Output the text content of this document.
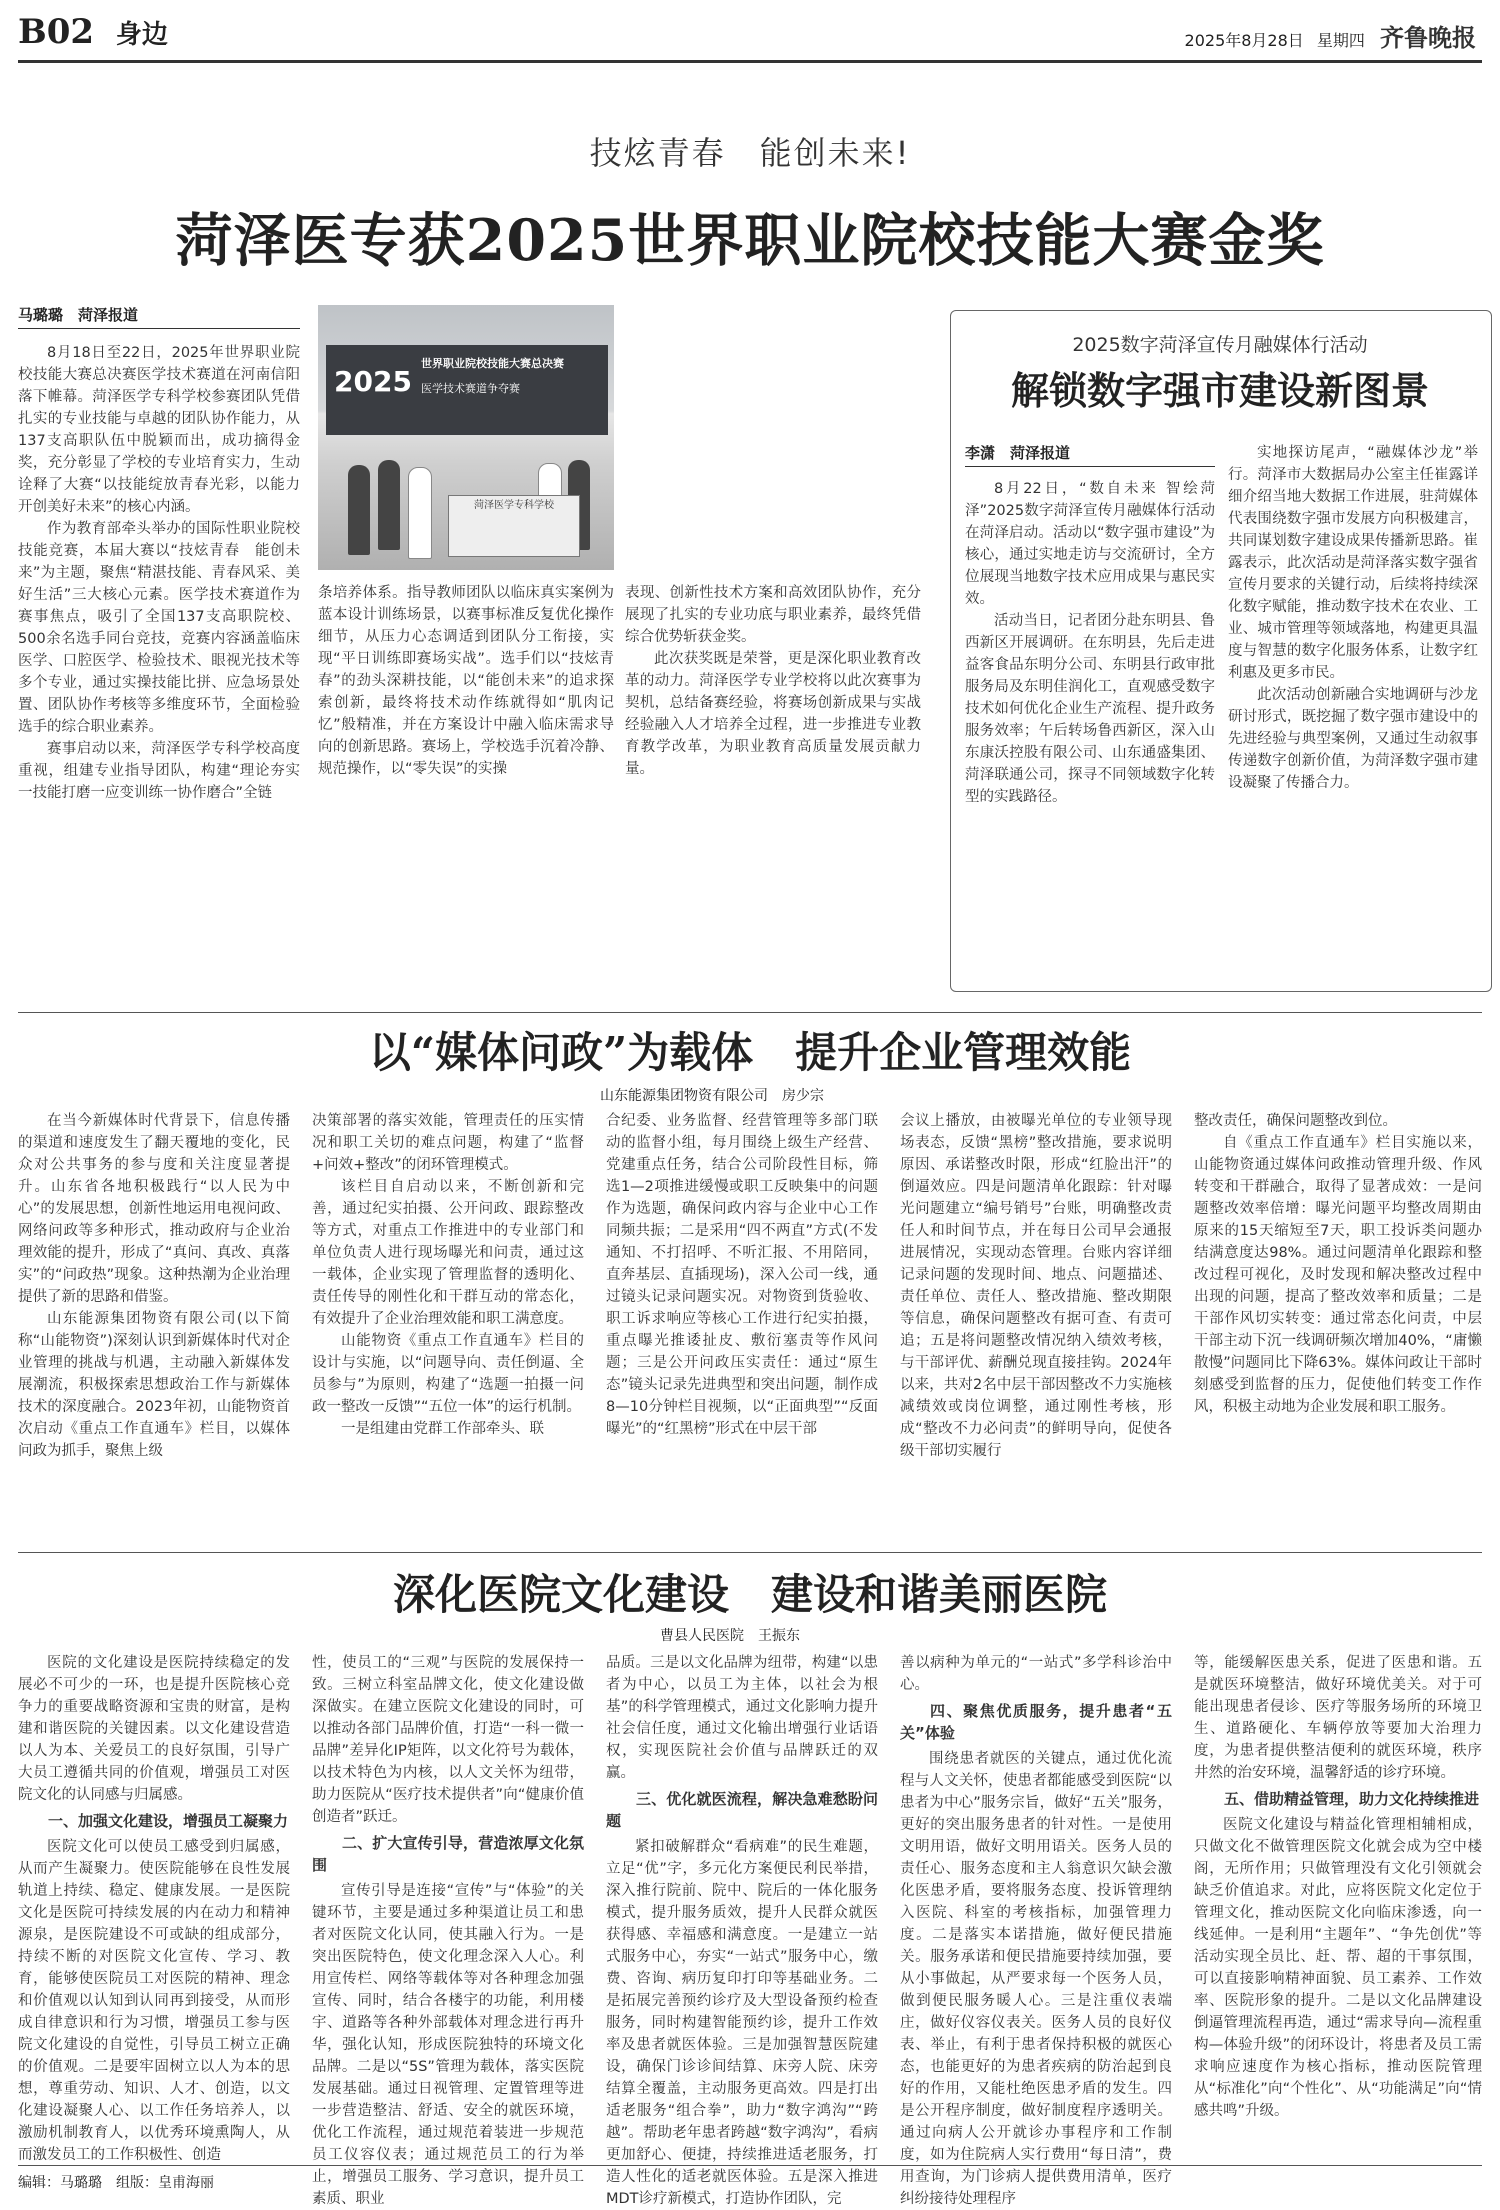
B02 身边	2025年8月28日 星期四 齐鲁晚报
技炫青春　能创未来!
菏泽医专获2025世界职业院校技能大赛金奖
马璐璐　菏泽报道

8月18日至22日，2025年世界职业院校技能大赛总决赛医学技术赛道在河南信阳落下帷幕。菏泽医学专科学校参赛团队凭借扎实的专业技能与卓越的团队协作能力，从137支高职队伍中脱颖而出，成功摘得金奖，充分彰显了学校的专业培育实力，生动诠释了大赛“以技能绽放青春光彩，以能力开创美好未来”的核心内涵。

作为教育部牵头举办的国际性职业院校技能竞赛，本届大赛以“技炫青春　能创未来”为主题，聚焦“精湛技能、青春风采、美好生活”三大核心元素。医学技术赛道作为赛事焦点，吸引了全国137支高职院校、500余名选手同台竞技，竞赛内容涵盖临床医学、口腔医学、检验技术、眼视光技术等多个专业，通过实操技能比拼、应急场景处置、团队协作考核等多维度环节，全面检验选手的综合职业素养。

赛事启动以来，菏泽医学专科学校高度重视，组建专业指导团队，构建“理论夯实一技能打磨一应变训练一协作磨合”全链

2025
世界职业院校技能大赛总决赛
医学技术赛道争夺赛
菏泽医学专科学校

条培养体系。指导教师团队以临床真实案例为蓝本设计训练场景，以赛事标准反复优化操作细节，从压力心态调适到团队分工衔接，实现“平日训练即赛场实战”。选手们以“技炫青春”的劲头深耕技能，以“能创未来”的追求探索创新，最终将技术动作练就得如“肌肉记忆”般精准，并在方案设计中融入临床需求导向的创新思路。赛场上，学校选手沉着冷静、规范操作，以“零失误”的实操

表现、创新性技术方案和高效团队协作，充分展现了扎实的专业功底与职业素养，最终凭借综合优势斩获金奖。

此次获奖既是荣誉，更是深化职业教育改革的动力。菏泽医学专业学校将以此次赛事为契机，总结备赛经验，将赛场创新成果与实战经验融入人才培养全过程，进一步推进专业教育教学改革，为职业教育高质量发展贡献力量。

2025数字菏泽宣传月融媒体行活动
解锁数字强市建设新图景
李潇　菏泽报道

8月22日，“数自未来 智绘菏泽”2025数字菏泽宣传月融媒体行活动在菏泽启动。活动以“数字强市建设”为核心，通过实地走访与交流研讨，全方位展现当地数字技术应用成果与惠民实效。

活动当日，记者团分赴东明县、鲁西新区开展调研。在东明县，先后走进益客食品东明分公司、东明县行政审批服务局及东明佳润化工，直观感受数字技术如何优化企业生产流程、提升政务服务效率；午后转场鲁西新区，深入山东康沃控股有限公司、山东通盛集团、菏泽联通公司，探寻不同领域数字化转型的实践路径。

实地探访尾声，“融媒体沙龙”举行。菏泽市大数据局办公室主任崔露详细介绍当地大数据工作进展，驻菏媒体代表围绕数字强市发展方向积极建言，共同谋划数字建设成果传播新思路。崔露表示，此次活动是菏泽落实数字强省宣传月要求的关键行动，后续将持续深化数字赋能，推动数字技术在农业、工业、城市管理等领域落地，构建更具温度与智慧的数字化服务体系，让数字红利惠及更多市民。

此次活动创新融合实地调研与沙龙研讨形式，既挖掘了数字强市建设中的先进经验与典型案例，又通过生动叙事传递数字创新价值，为菏泽数字强市建设凝聚了传播合力。

以“媒体问政”为载体　提升企业管理效能
山东能源集团物资有限公司　房少宗

在当今新媒体时代背景下，信息传播的渠道和速度发生了翻天覆地的变化，民众对公共事务的参与度和关注度显著提升。山东省各地积极践行“以人民为中心”的发展思想，创新性地运用电视问政、网络问政等多种形式，推动政府与企业治理效能的提升，形成了“真问、真改、真落实”的“问政热”现象。这种热潮为企业治理提供了新的思路和借鉴。

山东能源集团物资有限公司(以下简称“山能物资”)深刻认识到新媒体时代对企业管理的挑战与机遇，主动融入新媒体发展潮流，积极探索思想政治工作与新媒体技术的深度融合。2023年初，山能物资首次启动《重点工作直通车》栏目，以媒体问政为抓手，聚焦上级

决策部署的落实效能，管理责任的压实情况和职工关切的难点问题，构建了“监督+问效+整改”的闭环管理模式。

该栏目自启动以来，不断创新和完善，通过纪实拍摄、公开问政、跟踪整改等方式，对重点工作推进中的专业部门和单位负责人进行现场曝光和问责，通过这一载体，企业实现了管理监督的透明化、责任传导的刚性化和干群互动的常态化，有效提升了企业治理效能和职工满意度。

山能物资《重点工作直通车》栏目的设计与实施，以“问题导向、责任倒逼、全员参与”为原则，构建了“选题一拍摄一问政一整改一反馈”“五位一体”的运行机制。

一是组建由党群工作部牵头、联

合纪委、业务监督、经营管理等多部门联动的监督小组，每月围绕上级生产经营、党建重点任务，结合公司阶段性目标，筛选1—2项推进缓慢或职工反映集中的问题作为选题，确保问政内容与企业中心工作同频共振；二是采用“四不两直”方式(不发通知、不打招呼、不听汇报、不用陪同，直奔基层、直插现场)，深入公司一线，通过镜头记录问题实况。对物资到货验收、职工诉求响应等核心工作进行纪实拍摄，重点曝光推诿扯皮、敷衍塞责等作风问题；三是公开问政压实责任：通过“原生态”镜头记录先进典型和突出问题，制作成8—10分钟栏目视频，以“正面典型”“反面曝光”的“红黑榜”形式在中层干部

会议上播放，由被曝光单位的专业领导现场表态，反馈“黑榜”整改措施，要求说明原因、承诺整改时限，形成“红脸出汗”的倒逼效应。四是问题清单化跟踪：针对曝光问题建立“编号销号”台账，明确整改责任人和时间节点，并在每日公司早会通报进展情况，实现动态管理。台账内容详细记录问题的发现时间、地点、问题描述、责任单位、责任人、整改措施、整改期限等信息，确保问题整改有据可查、有责可追；五是将问题整改情况纳入绩效考核，与干部评优、薪酬兑现直接挂钩。2024年以来，共对2名中层干部因整改不力实施核减绩效或岗位调整，通过刚性考核，形成“整改不力必问责”的鲜明导向，促使各级干部切实履行

整改责任，确保问题整改到位。

自《重点工作直通车》栏目实施以来，山能物资通过媒体问政推动管理升级、作风转变和干群融合，取得了显著成效：一是问题整改效率倍增：曝光问题平均整改周期由原来的15天缩短至7天，职工投诉类问题办结满意度达98%。通过问题清单化跟踪和整改过程可视化，及时发现和解决整改过程中出现的问题，提高了整改效率和质量；二是干部作风切实转变：通过常态化问责，中层干部主动下沉一线调研频次增加40%，“庸懒散慢”问题同比下降63%。媒体问政让干部时刻感受到监督的压力，促使他们转变工作作风，积极主动地为企业发展和职工服务。

深化医院文化建设　建设和谐美丽医院
曹县人民医院　王振东

医院的文化建设是医院持续稳定的发展必不可少的一环，也是提升医院核心竞争力的重要战略资源和宝贵的财富，是构建和谐医院的关键因素。以文化建设营造以人为本、关爱员工的良好氛围，引导广大员工遵循共同的价值观，增强员工对医院文化的认同感与归属感。

一、加强文化建设，增强员工凝聚力

医院文化可以使员工感受到归属感，从而产生凝聚力。使医院能够在良性发展轨道上持续、稳定、健康发展。一是医院文化是医院可持续发展的内在动力和精神源泉，是医院建设不可或缺的组成部分，持续不断的对医院文化宣传、学习、教育，能够使医院员工对医院的精神、理念和价值观以认知到认同再到接受，从而形成自律意识和行为习惯，增强员工参与医院文化建设的自觉性，引导员工树立正确的价值观。二是要牢固树立以人为本的思想，尊重劳动、知识、人才、创造，以文化建设凝聚人心、以工作任务培养人，以激励机制教育人，以优秀环境熏陶人，从而激发员工的工作积极性、创造

性，使员工的“三观”与医院的发展保持一致。三树立科室品牌文化，使文化建设做深做实。在建立医院文化建设的同时，可以推动各部门品牌价值，打造“一科一微一品牌”差异化IP矩阵，以文化符号为载体，以技术特色为内核，以人文关怀为纽带，助力医院从“医疗技术提供者”向“健康价值创造者”跃迁。

二、扩大宣传引导，营造浓厚文化氛围

宣传引导是连接“宣传”与“体验”的关键环节，主要是通过多种渠道让员工和患者对医院文化认同，使其融入行为。一是突出医院特色，使文化理念深入人心。利用宣传栏、网络等载体等对各种理念加强宣传、同时，结合各楼宇的功能，利用楼宇、道路等各种外部载体对理念进行再升华，强化认知，形成医院独特的环境文化品牌。二是以“5S”管理为载体，落实医院发展基础。通过日视管理、定置管理等进一步营造整洁、舒适、安全的就医环境，优化工作流程，通过规范着装进一步规范员工仪容仪表；通过规范员工的行为举止，增强员工服务、学习意识，提升员工素质、职业

品质。三是以文化品牌为纽带，构建“以患者为中心，以员工为主体，以社会为根基”的科学管理模式，通过文化影响力提升社会信任度，通过文化输出增强行业话语权，实现医院社会价值与品牌跃迁的双赢。

三、优化就医流程，解决急难愁盼问题

紧扣破解群众“看病难”的民生难题，立足“优”字，多元化方案便民利民举措，深入推行院前、院中、院后的一体化服务模式，提升服务质效，提升人民群众就医获得感、幸福感和满意度。一是建立一站式服务中心，夯实“一站式”服务中心，缴费、咨询、病历复印打印等基础业务。二是拓展完善预约诊疗及大型设备预约检查服务，同时构建智能预约诊，提升工作效率及患者就医体验。三是加强智慧医院建设，确保门诊诊间结算、床旁人院、床旁结算全覆盖，主动服务更高效。四是打出适老服务“组合拳”，助力“数字鸿沟”“跨越”。帮助老年患者跨越“数字鸿沟”，看病更加舒心、便捷，持续推进适老服务，打造人性化的适老就医体验。五是深入推进MDT诊疗新模式，打造协作团队，完

善以病种为单元的“一站式”多学科诊治中心。

四、聚焦优质服务，提升患者“五关”体验

围绕患者就医的关键点，通过优化流程与人文关怀，使患者都能感受到医院“以患者为中心”服务宗旨，做好“五关”服务，更好的突出服务患者的针对性。一是使用文明用语，做好文明用语关。医务人员的责任心、服务态度和主人翁意识欠缺会激化医患矛盾，要将服务态度、投诉管理纳入医院、科室的考核指标，加强管理力度。二是落实本诺措施，做好便民措施关。服务承诺和便民措施要持续加强，要从小事做起，从严要求每一个医务人员，做到便民服务暖人心。三是注重仪表端庄，做好仪容仪表关。医务人员的良好仪表、举止，有利于患者保持积极的就医心态，也能更好的为患者疾病的防治起到良好的作用，又能杜绝医患矛盾的发生。四是公开程序制度，做好制度程序透明关。通过向病人公开就诊办事程序和工作制度，如为住院病人实行费用“每日清”，费用查询，为门诊病人提供费用清单，医疗纠纷接待处理程序

等，能缓解医患关系，促进了医患和谐。五是就医环境整洁，做好环境优美关。对于可能出现患者侵诊、医疗等服务场所的环境卫生、道路硬化、车辆停放等要加大治理力度，为患者提供整洁便利的就医环境，秩序井然的治安环境，温馨舒适的诊疗环境。

五、借助精益管理，助力文化持续推进

医院文化建设与精益化管理相辅相成，只做文化不做管理医院文化就会成为空中楼阁，无所作用；只做管理没有文化引领就会缺乏价值追求。对此，应将医院文化定位于管理文化，推动医院文化向临床渗透，向一线延伸。一是利用“主题年”、“争先创优”等活动实现全员比、赶、帮、超的干事氛围，可以直接影响精神面貌、员工素养、工作效率、医院形象的提升。二是以文化品牌建设倒逼管理流程再造，通过“需求导向—流程重构—体验升级”的闭环设计，将患者及员工需求响应速度作为核心指标，推动医院管理从“标准化”向“个性化”、从“功能满足”向“情感共鸣”升级。

编辑：马璐璐　组版：皇甫海丽
